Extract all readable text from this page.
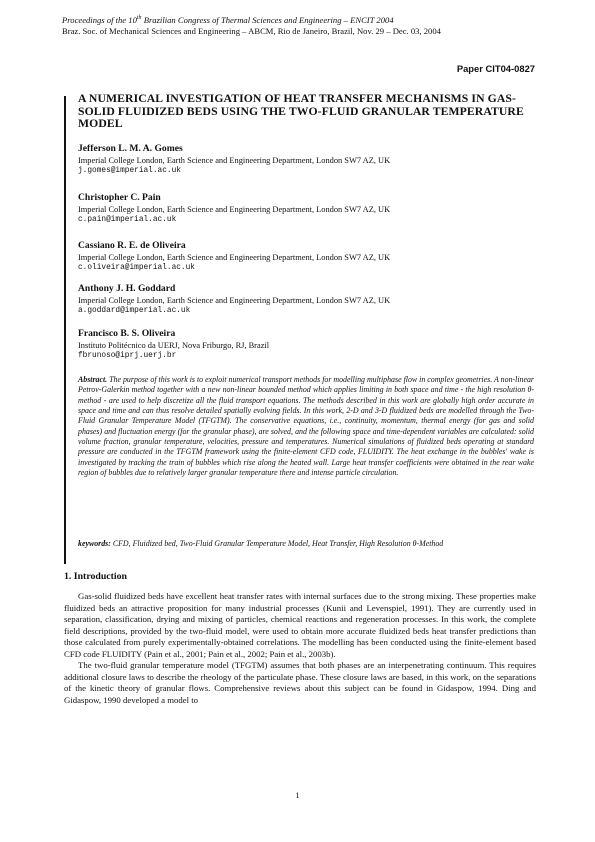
Proceedings of the 10th Brazilian Congress of Thermal Sciences and Engineering – ENCIT 2004
Braz. Soc. of Mechanical Sciences and Engineering – ABCM, Rio de Janeiro, Brazil, Nov. 29 – Dec. 03, 2004
Paper CIT04-0827
A NUMERICAL INVESTIGATION OF HEAT TRANSFER MECHANISMS IN GAS-SOLID FLUIDIZED BEDS USING THE TWO-FLUID GRANULAR TEMPERATURE MODEL
Jefferson L. M. A. Gomes
Imperial College London, Earth Science and Engineering Department, London SW7 AZ, UK
j.gomes@imperial.ac.uk
Christopher C. Pain
Imperial College London, Earth Science and Engineering Department, London SW7 AZ, UK
c.pain@imperial.ac.uk
Cassiano R. E. de Oliveira
Imperial College London, Earth Science and Engineering Department, London SW7 AZ, UK
c.oliveira@imperial.ac.uk
Anthony J. H. Goddard
Imperial College London, Earth Science and Engineering Department, London SW7 AZ, UK
a.goddard@imperial.ac.uk
Francisco B. S. Oliveira
Instituto Politécnico da UERJ, Nova Friburgo, RJ, Brazil
fbrunoso@iprj.uerj.br
Abstract. The purpose of this work is to exploit numerical transport methods for modelling multiphase flow in complex geometries. A non-linear Petrov-Galerkin method together with a new non-linear bounded method which applies limiting in both space and time - the high resolution θ-method - are used to help discretize all the fluid transport equations. The methods described in this work are globally high order accurate in space and time and can thus resolve detailed spatially evolving fields. In this work, 2-D and 3-D fluidized beds are modelled through the Two-Fluid Granular Temperature Model (TFGTM). The conservative equations, i.e., continuity, momentum, thermal energy (for gas and solid phases) and fluctuation energy (for the granular phase), are solved, and the following space and time-dependent variables are calculated: solid volume fraction, granular temperature, velocities, pressure and temperatures. Numerical simulations of fluidized beds operating at standard pressure are conducted in the TFGTM framework using the finite-element CFD code, FLUIDITY. The heat exchange in the bubbles' wake is investigated by tracking the train of bubbles which rise along the heated wall. Large heat transfer coefficients were obtained in the rear wake region of bubbles due to relatively larger granular temperature there and intense particle circulation.
keywords: CFD, Fluidized bed, Two-Fluid Granular Temperature Model, Heat Transfer, High Resolution θ-Method
1. Introduction

Gas-solid fluidized beds have excellent heat transfer rates with internal surfaces due to the strong mixing. These properties make fluidized beds an attractive proposition for many industrial processes (Kunii and Levenspiel, 1991). They are currently used in separation, classification, drying and mixing of particles, chemical reactions and regeneration processes. In this work, the complete field descriptions, provided by the two-fluid model, were used to obtain more accurate fluidized beds heat transfer predictions than those calculated from purely experimentally-obtained correlations. The modelling has been conducted using the finite-element based CFD code FLUIDITY (Pain et al., 2001; Pain et al., 2002; Pain et al., 2003b).

The two-fluid granular temperature model (TFGTM) assumes that both phases are an interpenetrating continuum. This requires additional closure laws to describe the rheology of the particulate phase. These closure laws are based, in this work, on the separations of the kinetic theory of granular flows. Comprehensive reviews about this subject can be found in Gidaspow, 1994. Ding and Gidaspow, 1990 developed a model to

1
